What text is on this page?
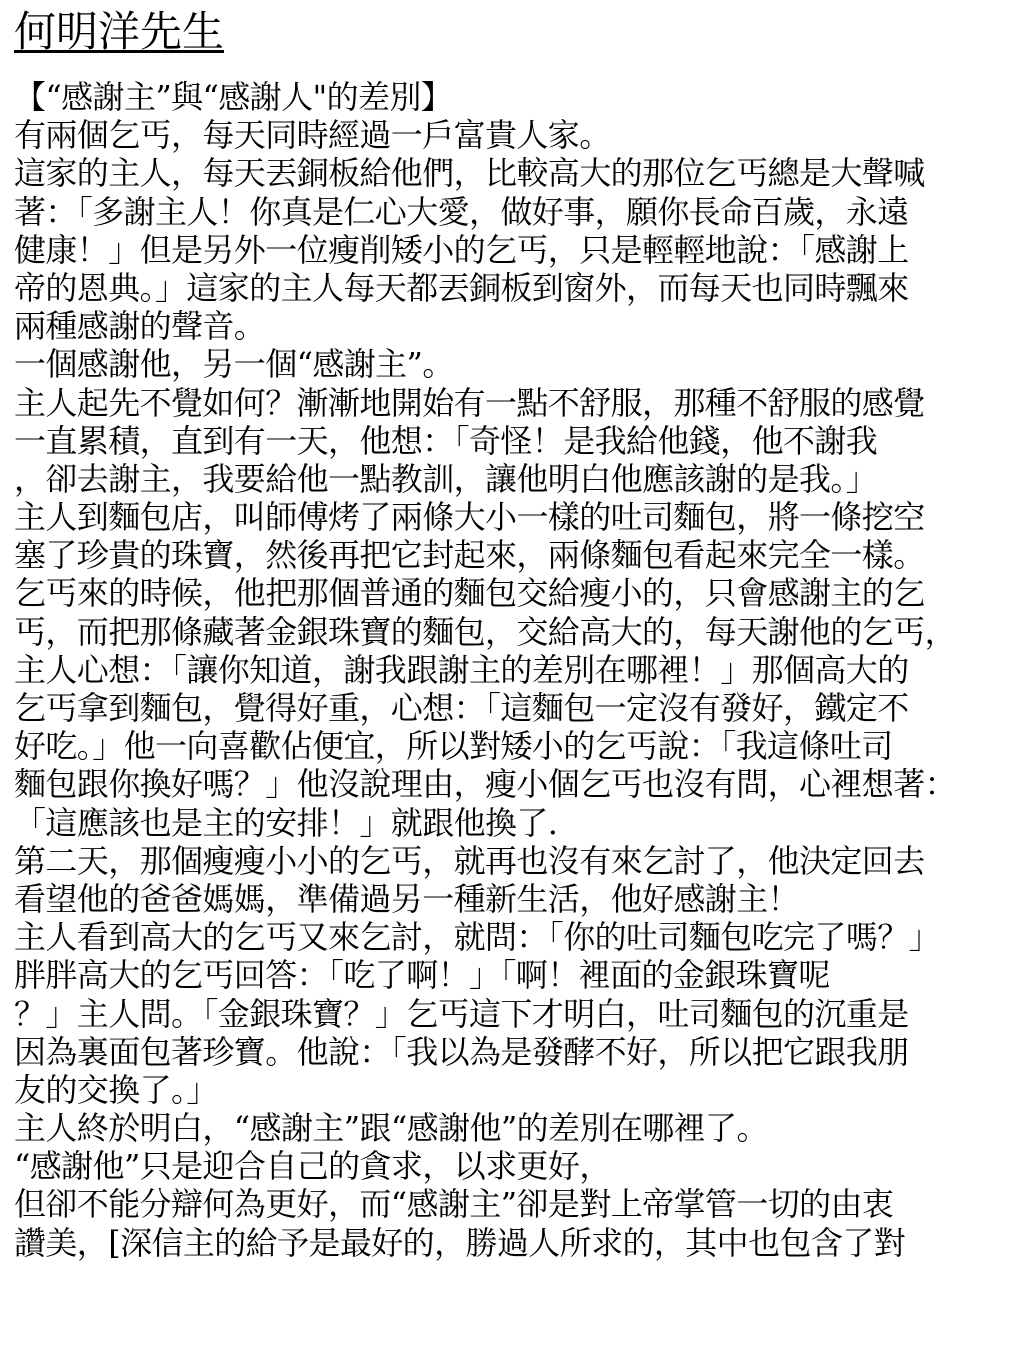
何明洋先生
【“感謝主”與“感謝人"的差別】
有兩個乞丐，每天同時經過一戶富貴人家。
這家的主人，每天丟銅板給他們，比較高大的那位乞丐總是大聲喊
著：「多謝主人！你真是仁心大愛，做好事，願你長命百歲，永遠
健康！」但是另外一位瘦削矮小的乞丐，只是輕輕地說：「感謝上
帝的恩典。」這家的主人每天都丟銅板到窗外，而每天也同時飄來
兩種感謝的聲音。
一個感謝他，另一個“感謝主”。
主人起先不覺如何？漸漸地開始有一點不舒服，那種不舒服的感覺
一直累積，直到有一天，他想：「奇怪！是我給他錢，他不謝我
，卻去謝主，我要給他一點教訓，讓他明白他應該謝的是我。」
主人到麵包店，叫師傅烤了兩條大小一樣的吐司麵包，將一條挖空
塞了珍貴的珠寶，然後再把它封起來，兩條麵包看起來完全一樣。
乞丐來的時候，他把那個普通的麵包交給瘦小的，只會感謝主的乞
丐，而把那條藏著金銀珠寶的麵包，交給高大的，每天謝他的乞丐，
主人心想：「讓你知道，謝我跟謝主的差別在哪裡！」那個高大的
乞丐拿到麵包，覺得好重，心想：「這麵包一定沒有發好，鐵定不
好吃。」他一向喜歡佔便宜，所以對矮小的乞丐說：「我這條吐司
麵包跟你換好嗎？」他沒說理由，瘦小個乞丐也沒有問，心裡想著：
「這應該也是主的安排！」就跟他換了.
第二天，那個瘦瘦小小的乞丐，就再也沒有來乞討了，他決定回去
看望他的爸爸媽媽，準備過另一種新生活，他好感謝主！
主人看到高大的乞丐又來乞討，就問：「你的吐司麵包吃完了嗎？」
胖胖高大的乞丐回答：「吃了啊！」「啊！裡面的金銀珠寶呢
？」主人問。「金銀珠寶？」乞丐這下才明白，吐司麵包的沉重是
因為裏面包著珍寶。他說：「我以為是發酵不好，所以把它跟我朋
友的交換了。」
主人終於明白，“感謝主”跟“感謝他”的差別在哪裡了。
“感謝他”只是迎合自己的貪求，以求更好，
但卻不能分辯何為更好，而“感謝主”卻是對上帝掌管一切的由衷
讚美，[深信主的給予是最好的，勝過人所求的，其中也包含了對
